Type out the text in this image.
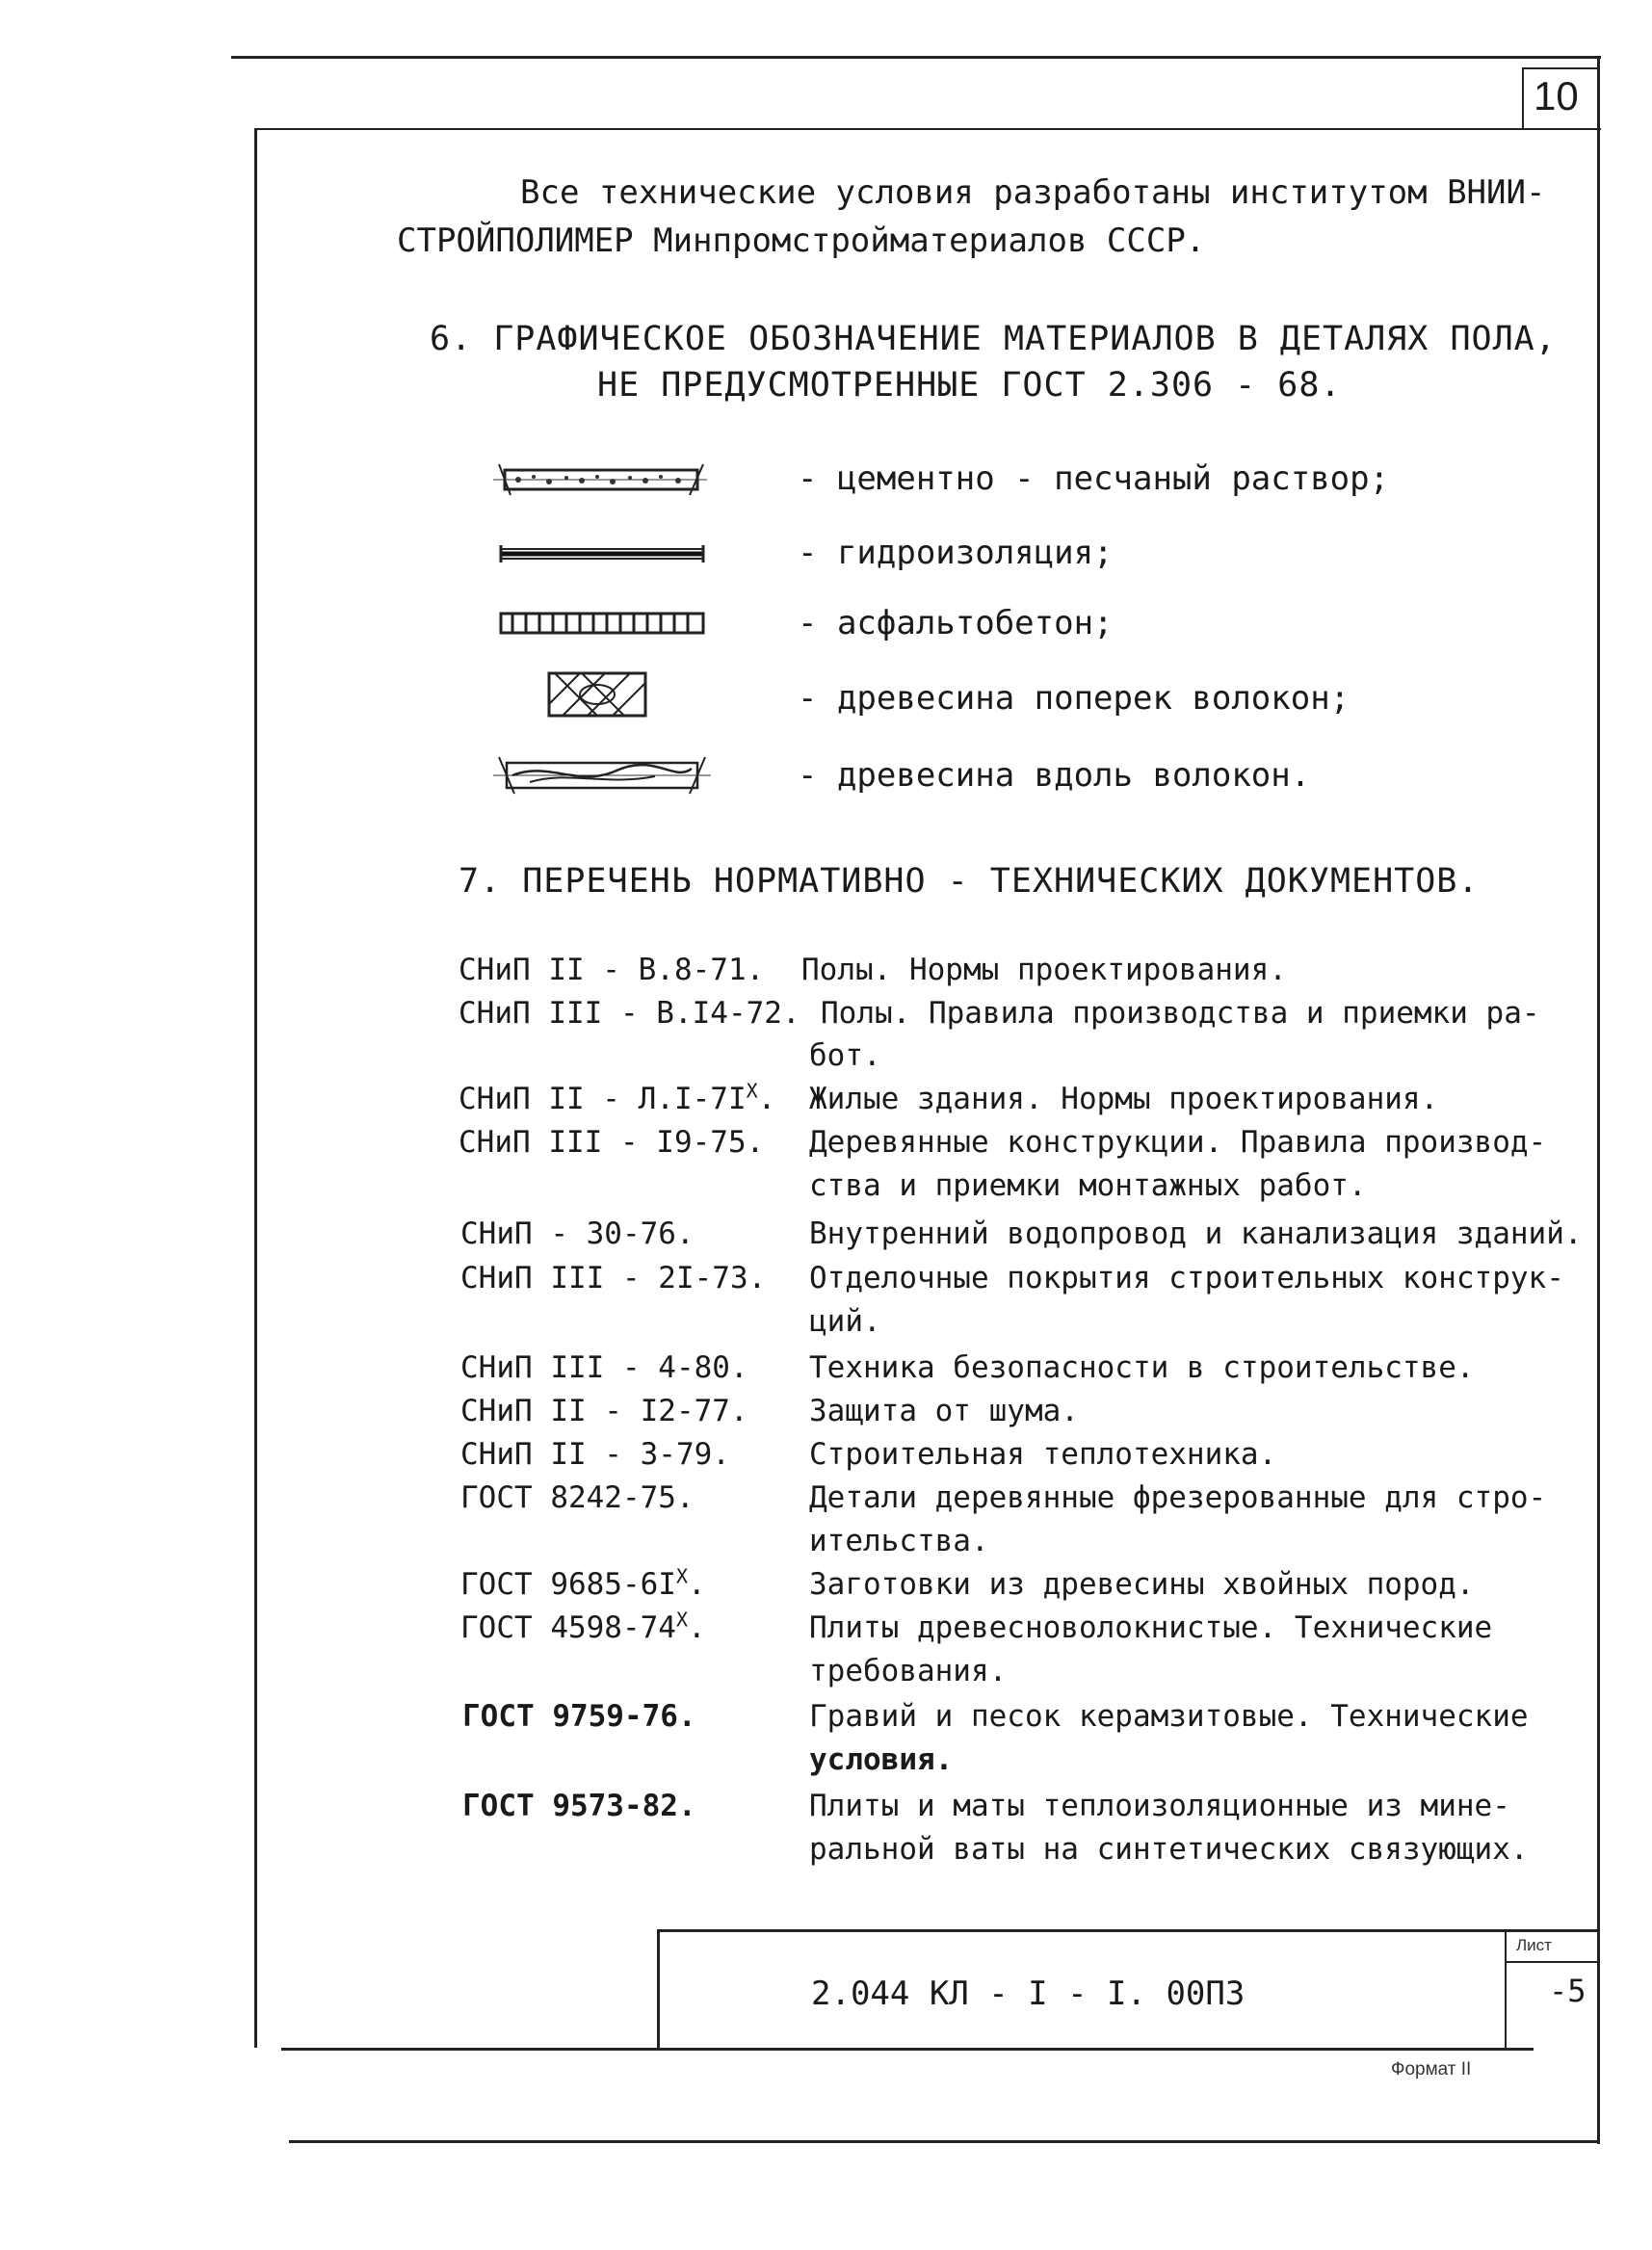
10
Все технические условия разработаны институтом ВНИИ-
СТРОЙПОЛИМЕР Минпромстройматериалов СССР.
6. ГРАФИЧЕСКОЕ ОБОЗНАЧЕНИЕ МАТЕРИАЛОВ В ДЕТАЛЯХ ПОЛА,
НЕ ПРЕДУСМОТРЕННЫЕ ГОСТ 2.306 - 68.
- цементно - песчаный раствор;
- гидроизоляция;
- асфальтобетон;
- древесина поперек волокон;
- древесина вдоль волокон.
7. ПЕРЕЧЕНЬ НОРМАТИВНО - ТЕХНИЧЕСКИХ ДОКУМЕНТОВ.
СНиП II - В.8-71. Полы. Нормы проектирования.
СНиП III - В.I4-72. Полы. Правила производства и приемки ра-
бот.
СНиП II - $Л.I-7I^X$. Жилые здания. Нормы проектирования.
СНиП III - I9-75. Деревянные конструкции. Правила производ-
ства и приемки монтажных работ.
СНиП - 30-76.	Внутренний водопровод и канализация зданий.
СНиП III - 2I-73. Отделочные покрытия строительных конструк-
ций.
СНиП III - 4-80. Техника безопасности в строительстве.
СНиП II - I2-77. Защита от шума.
СНиП II - 3-79.	Строительная теплотехника.
ГОСТ 8242-75.	Детали деревянные фрезерованные для стро-
ительства.
ГОСТ $9685-6I^X$.	Заготовки из древесины хвойных пород.
ГОСТ $4598-74^X$.	Плиты древесноволокнистые. Технические
требования.
ГОСТ 9759-76.	Гравий и песок керамзитовые. Технические
условия.
ГОСТ 9573-82.	Плиты и маты теплоизоляционные из мине-
ральной ваты на синтетических связующих.
Лист
-5
2.044 КЛ - I - I. 00П3
Формат II
